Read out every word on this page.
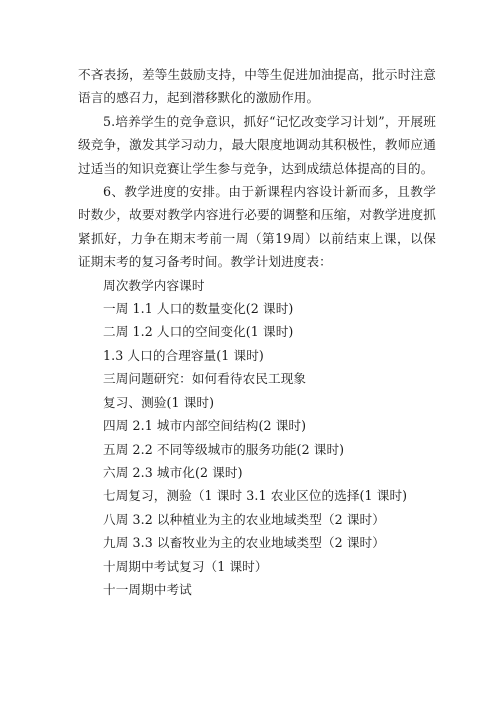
不吝表扬，差等生鼓励支持，中等生促进加油提高，批示时注意语言的感召力，起到潜移默化的激励作用。

5.培养学生的竞争意识，抓好“记忆改变学习计划”，开展班级竞争，激发其学习动力，最大限度地调动其积极性，教师应通过适当的知识竞赛让学生参与竞争，达到成绩总体提高的目的。

6、教学进度的安排。由于新课程内容设计新而多，且教学时数少，故要对教学内容进行必要的调整和压缩，对教学进度抓紧抓好，力争在期末考前一周（第19周）以前结束上课，以保证期末考的复习备考时间。教学计划进度表：

周次教学内容课时
一周 1.1 人口的数量变化(2 课时)
二周 1.2 人口的空间变化(1 课时)
1.3 人口的合理容量(1 课时)
三周问题研究：如何看待农民工现象
复习、测验(1 课时)
四周 2.1 城市内部空间结构(2 课时)
五周 2.2 不同等级城市的服务功能(2 课时)
六周 2.3 城市化(2 课时)
七周复习，测验（1 课时 3.1 农业区位的选择(1 课时)
八周 3.2 以种植业为主的农业地域类型（2 课时）
九周 3.3 以畜牧业为主的农业地域类型（2 课时）
十周期中考试复习（1 课时）
十一周期中考试
